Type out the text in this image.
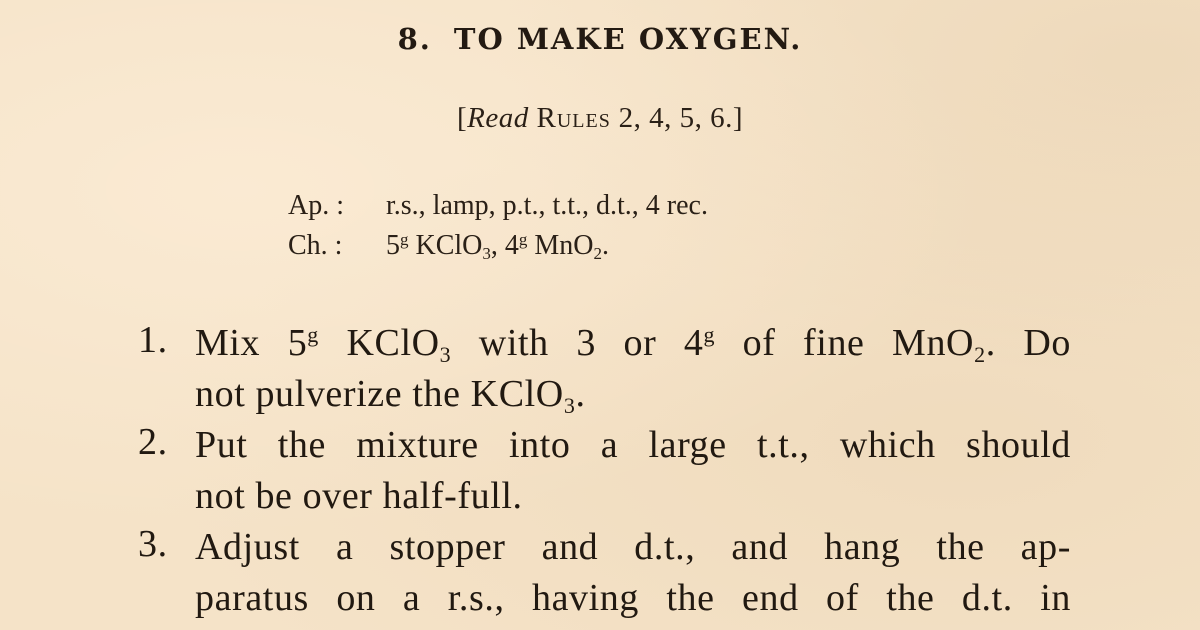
8. TO MAKE OXYGEN.
[Read Rules 2, 4, 5, 6.]
Ap. :	r.s., lamp, p.t., t.t., d.t., 4 rec.
Ch. :	5$^g$ KClO$_3$, 4$^g$ MnO$_2$.
1. Mix 5$^g$ KClO$_3$ with 3 or 4$^g$ of fine MnO$_2$. Do
not pulverize the KClO$_3$.
2. Put the mixture into a large t.t., which should
not be over half-full.
3. Adjust a stopper and d.t., and hang the ap-
paratus on a r.s., having the end of the d.t. in
